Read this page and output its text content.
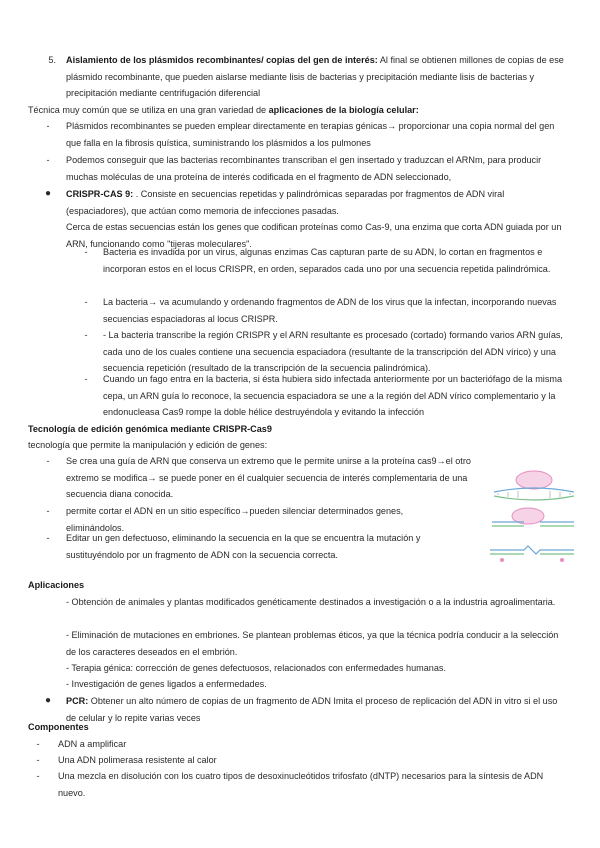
5. Aislamiento de los plásmidos recombinantes/ copias del gen de interés: Al final se obtienen millones de copias de ese plásmido recombinante, que pueden aislarse mediante lisis de bacterias y precipitación mediante lisis de bacterias y precipitación mediante centrifugación diferencial
Técnica muy común que se utiliza en una gran variedad de aplicaciones de la biología celular:
- Plásmidos recombinantes se pueden emplear directamente en terapias génicas→ proporcionar una copia normal del gen que falla en la fibrosis quística, suministrando los plásmidos a los pulmones
- Podemos conseguir que las bacterias recombinantes transcriban el gen insertado y traduzcan el ARNm, para producir muchas moléculas de una proteína de interés codificada en el fragmento de ADN seleccionado,
● CRISPR-CAS 9: . Consiste en secuencias repetidas y palindrómicas separadas por fragmentos de ADN viral (espaciadores), que actúan como memoria de infecciones pasadas.
Cerca de estas secuencias están los genes que codifican proteínas como Cas-9, una enzima que corta ADN guiada por un ARN, funcionando como "tijeras moleculares".
- Bacteria es invadida por un virus, algunas enzimas Cas capturan parte de su ADN, lo cortan en fragmentos e incorporan estos en el locus CRISPR, en orden, separados cada uno por una secuencia repetida palindrómica.
- La bacteria→ va acumulando y ordenando fragmentos de ADN de los virus que la infectan, incorporando nuevas secuencias espaciadoras al locus CRISPR.
- - La bacteria transcribe la región CRISPR y el ARN resultante es procesado (cortado) formando varios ARN guías, cada uno de los cuales contiene una secuencia espaciadora (resultante de la transcripción del ADN vírico) y una secuencia repetición (resultado de la transcripción de la secuencia palindrómica).
- Cuando un fago entra en la bacteria, si ésta hubiera sido infectada anteriormente por un bacteriófago de la misma cepa, un ARN guía lo reconoce, la secuencia espaciadora se une a la región del ADN vírico complementario y la endonucleasa Cas9 rompe la doble hélice destruyéndola y evitando la infección
Tecnología de edición genómica mediante CRISPR-Cas9
tecnología que permite la manipulación y edición de genes:
- Se crea una guía de ARN que conserva un extremo que le permite unirse a la proteína cas9→el otro extremo se modifica→ se puede poner en él cualquier secuencia de interés complementaria de una secuencia diana conocida.
- permite cortar el ADN en un sitio específico→pueden silenciar determinados genes, eliminándolos.
- Editar un gen defectuoso, eliminando la secuencia en la que se encuentra la mutación y sustituyéndolo por un fragmento de ADN con la secuencia correcta.
Aplicaciones
- Obtención de animales y plantas modificados genéticamente destinados a investigación o a la industria agroalimentaria.
- Eliminación de mutaciones en embriones. Se plantean problemas éticos, ya que la técnica podría conducir a la selección de los caracteres deseados en el embrión.
- Terapia génica: corrección de genes defectuosos, relacionados con enfermedades humanas.
- Investigación de genes ligados a enfermedades.
● PCR: Obtener un alto número de copias de un fragmento de ADN Imita el proceso de replicación del ADN in vitro si el uso de celular y lo repite varias veces
Componentes
- ADN a amplificar
- Una ADN polimerasa resistente al calor
- Una mezcla en disolución con los cuatro tipos de desoxinucleótidos trifosfato (dNTP) necesarios para la síntesis de ADN nuevo.
